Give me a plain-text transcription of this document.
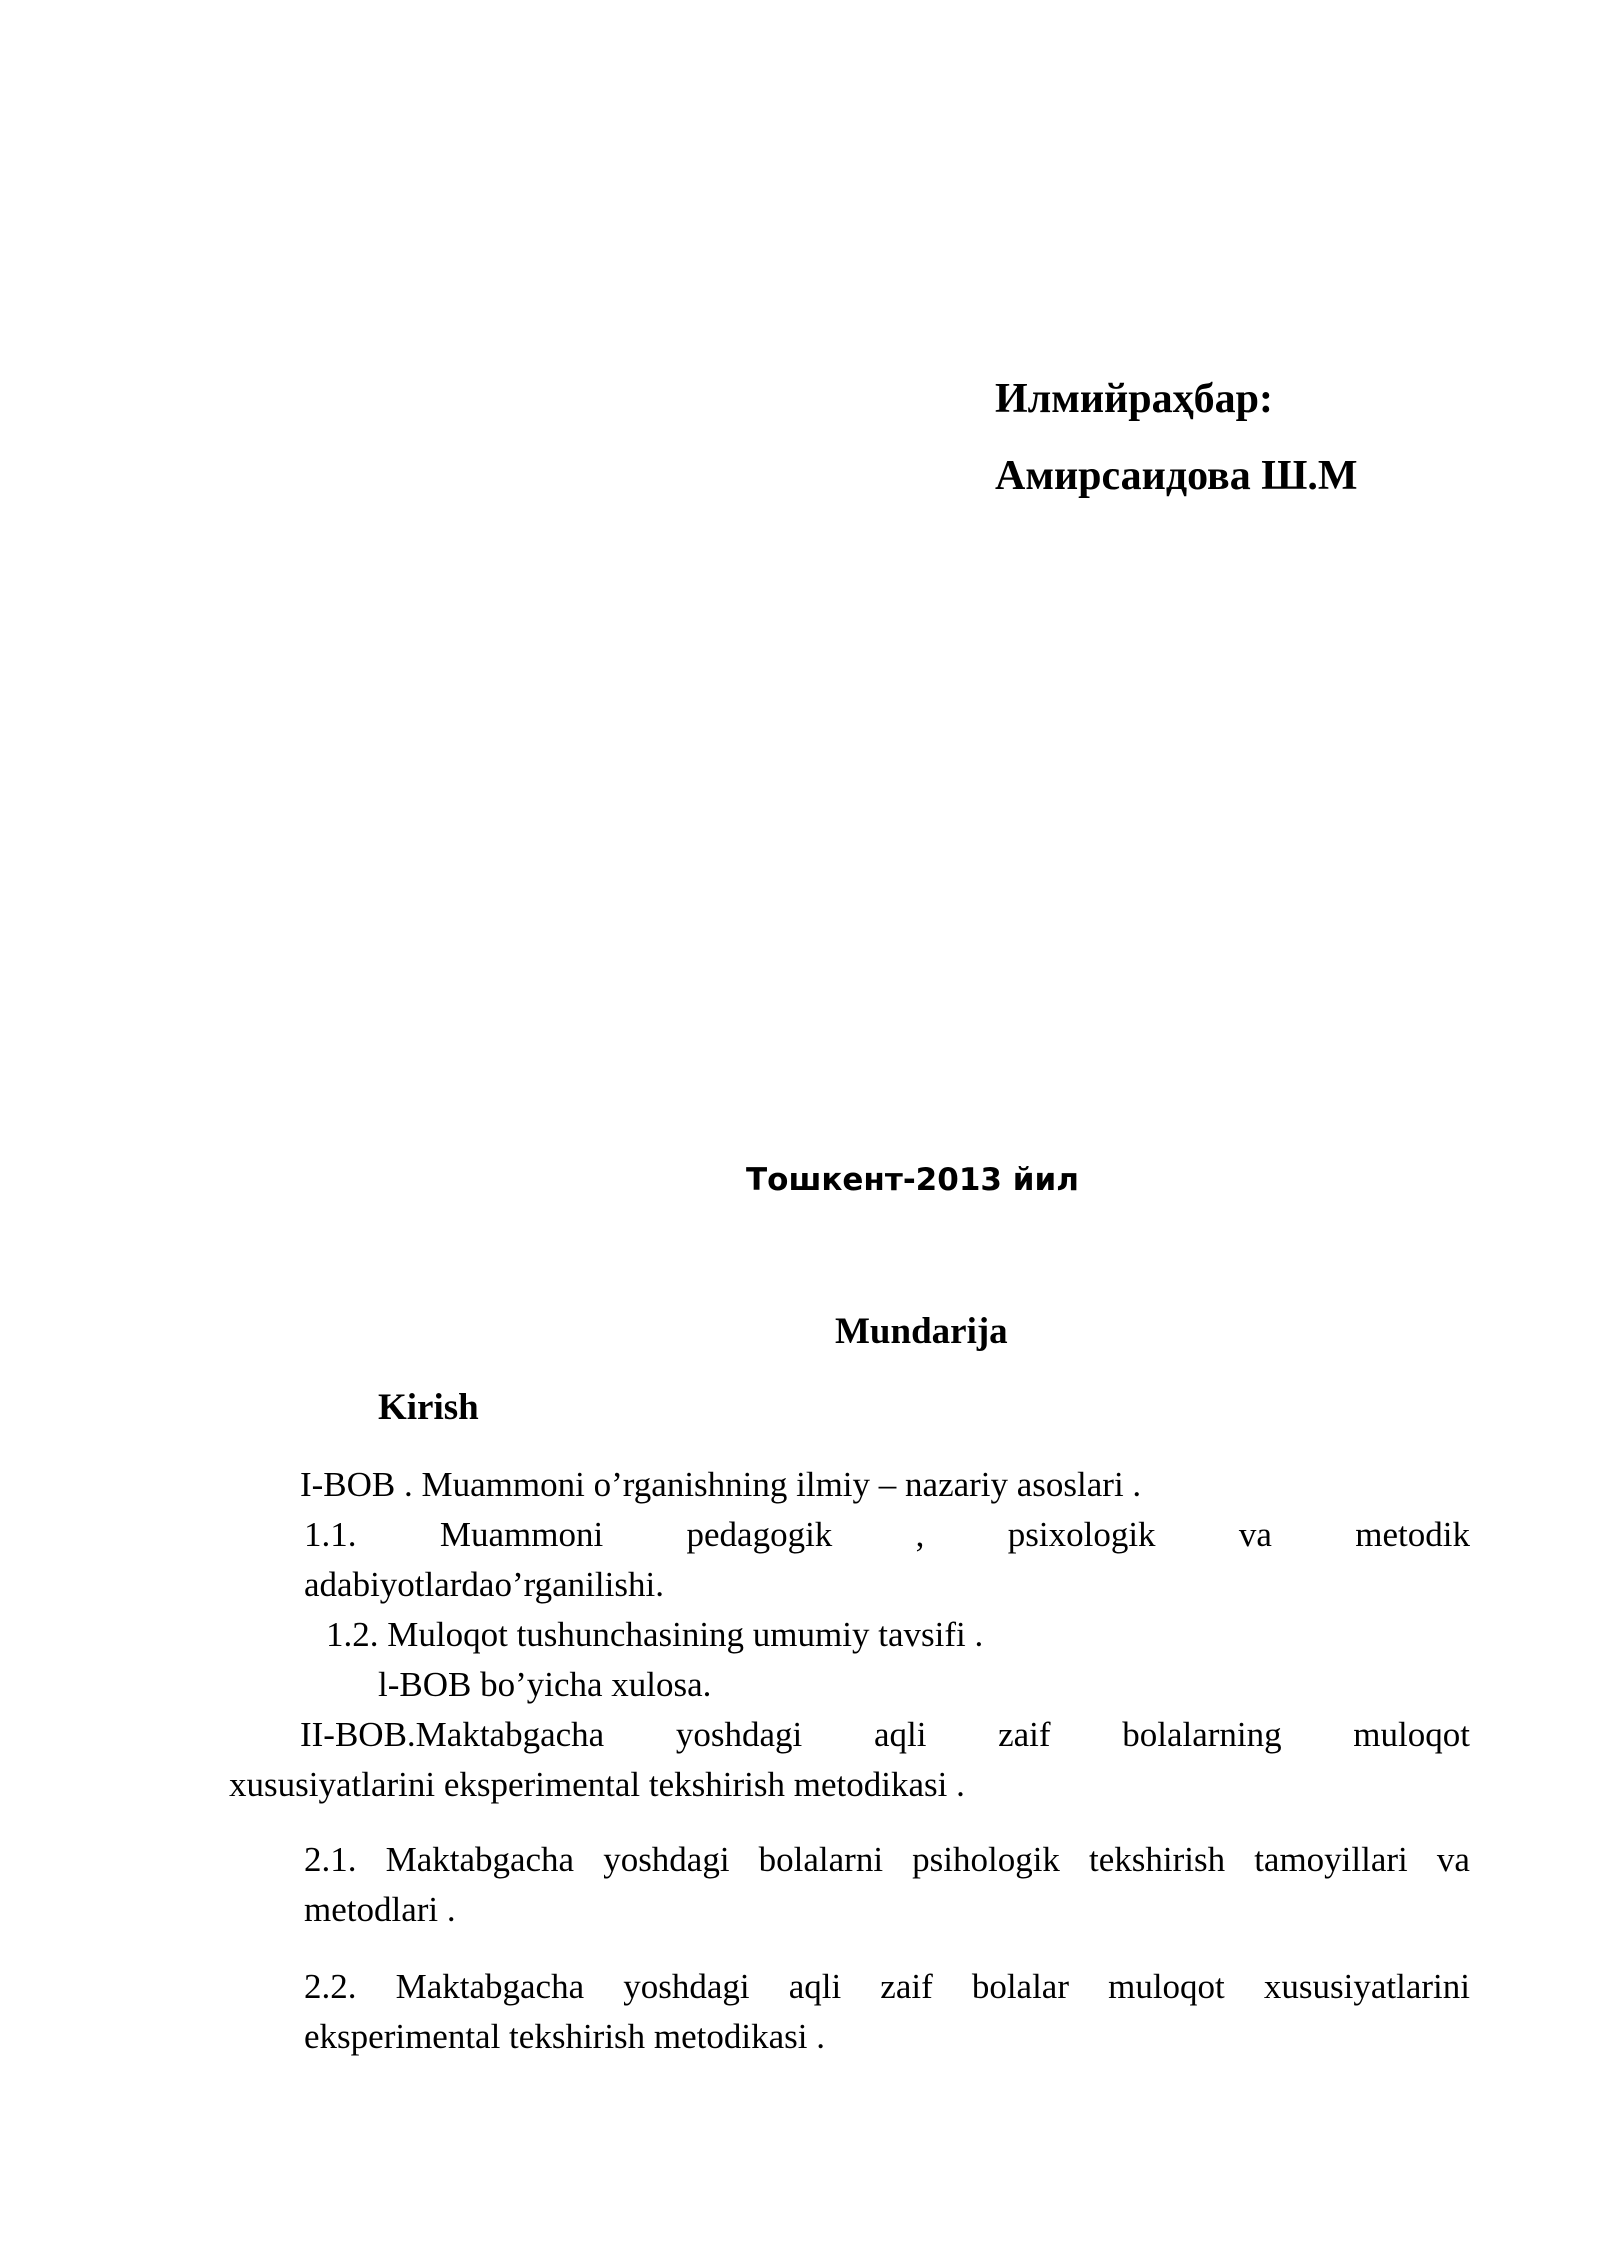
Илмийраҳбар:
Амирсаидова Ш.М
Тошкент-2013 йил
Mundarija
Kirish
I-BOB . Muammoni o’rganishning ilmiy – nazariy asoslari .
1.1. Muammoni pedagogik , psixologik va metodik
adabiyotlardao’rganilishi.
1.2. Muloqot tushunchasining umumiy tavsifi .
l-BOB bo’yicha xulosa.
II-BOB.Maktabgacha yoshdagi aqli zaif bolalarning muloqot
xususiyatlarini eksperimental tekshirish metodikasi .
2.1. Maktabgacha yoshdagi bolalarni psihologik tekshirish tamoyillari va
metodlari .
2.2. Maktabgacha yoshdagi aqli zaif bolalar muloqot xususiyatlarini
eksperimental tekshirish metodikasi .
